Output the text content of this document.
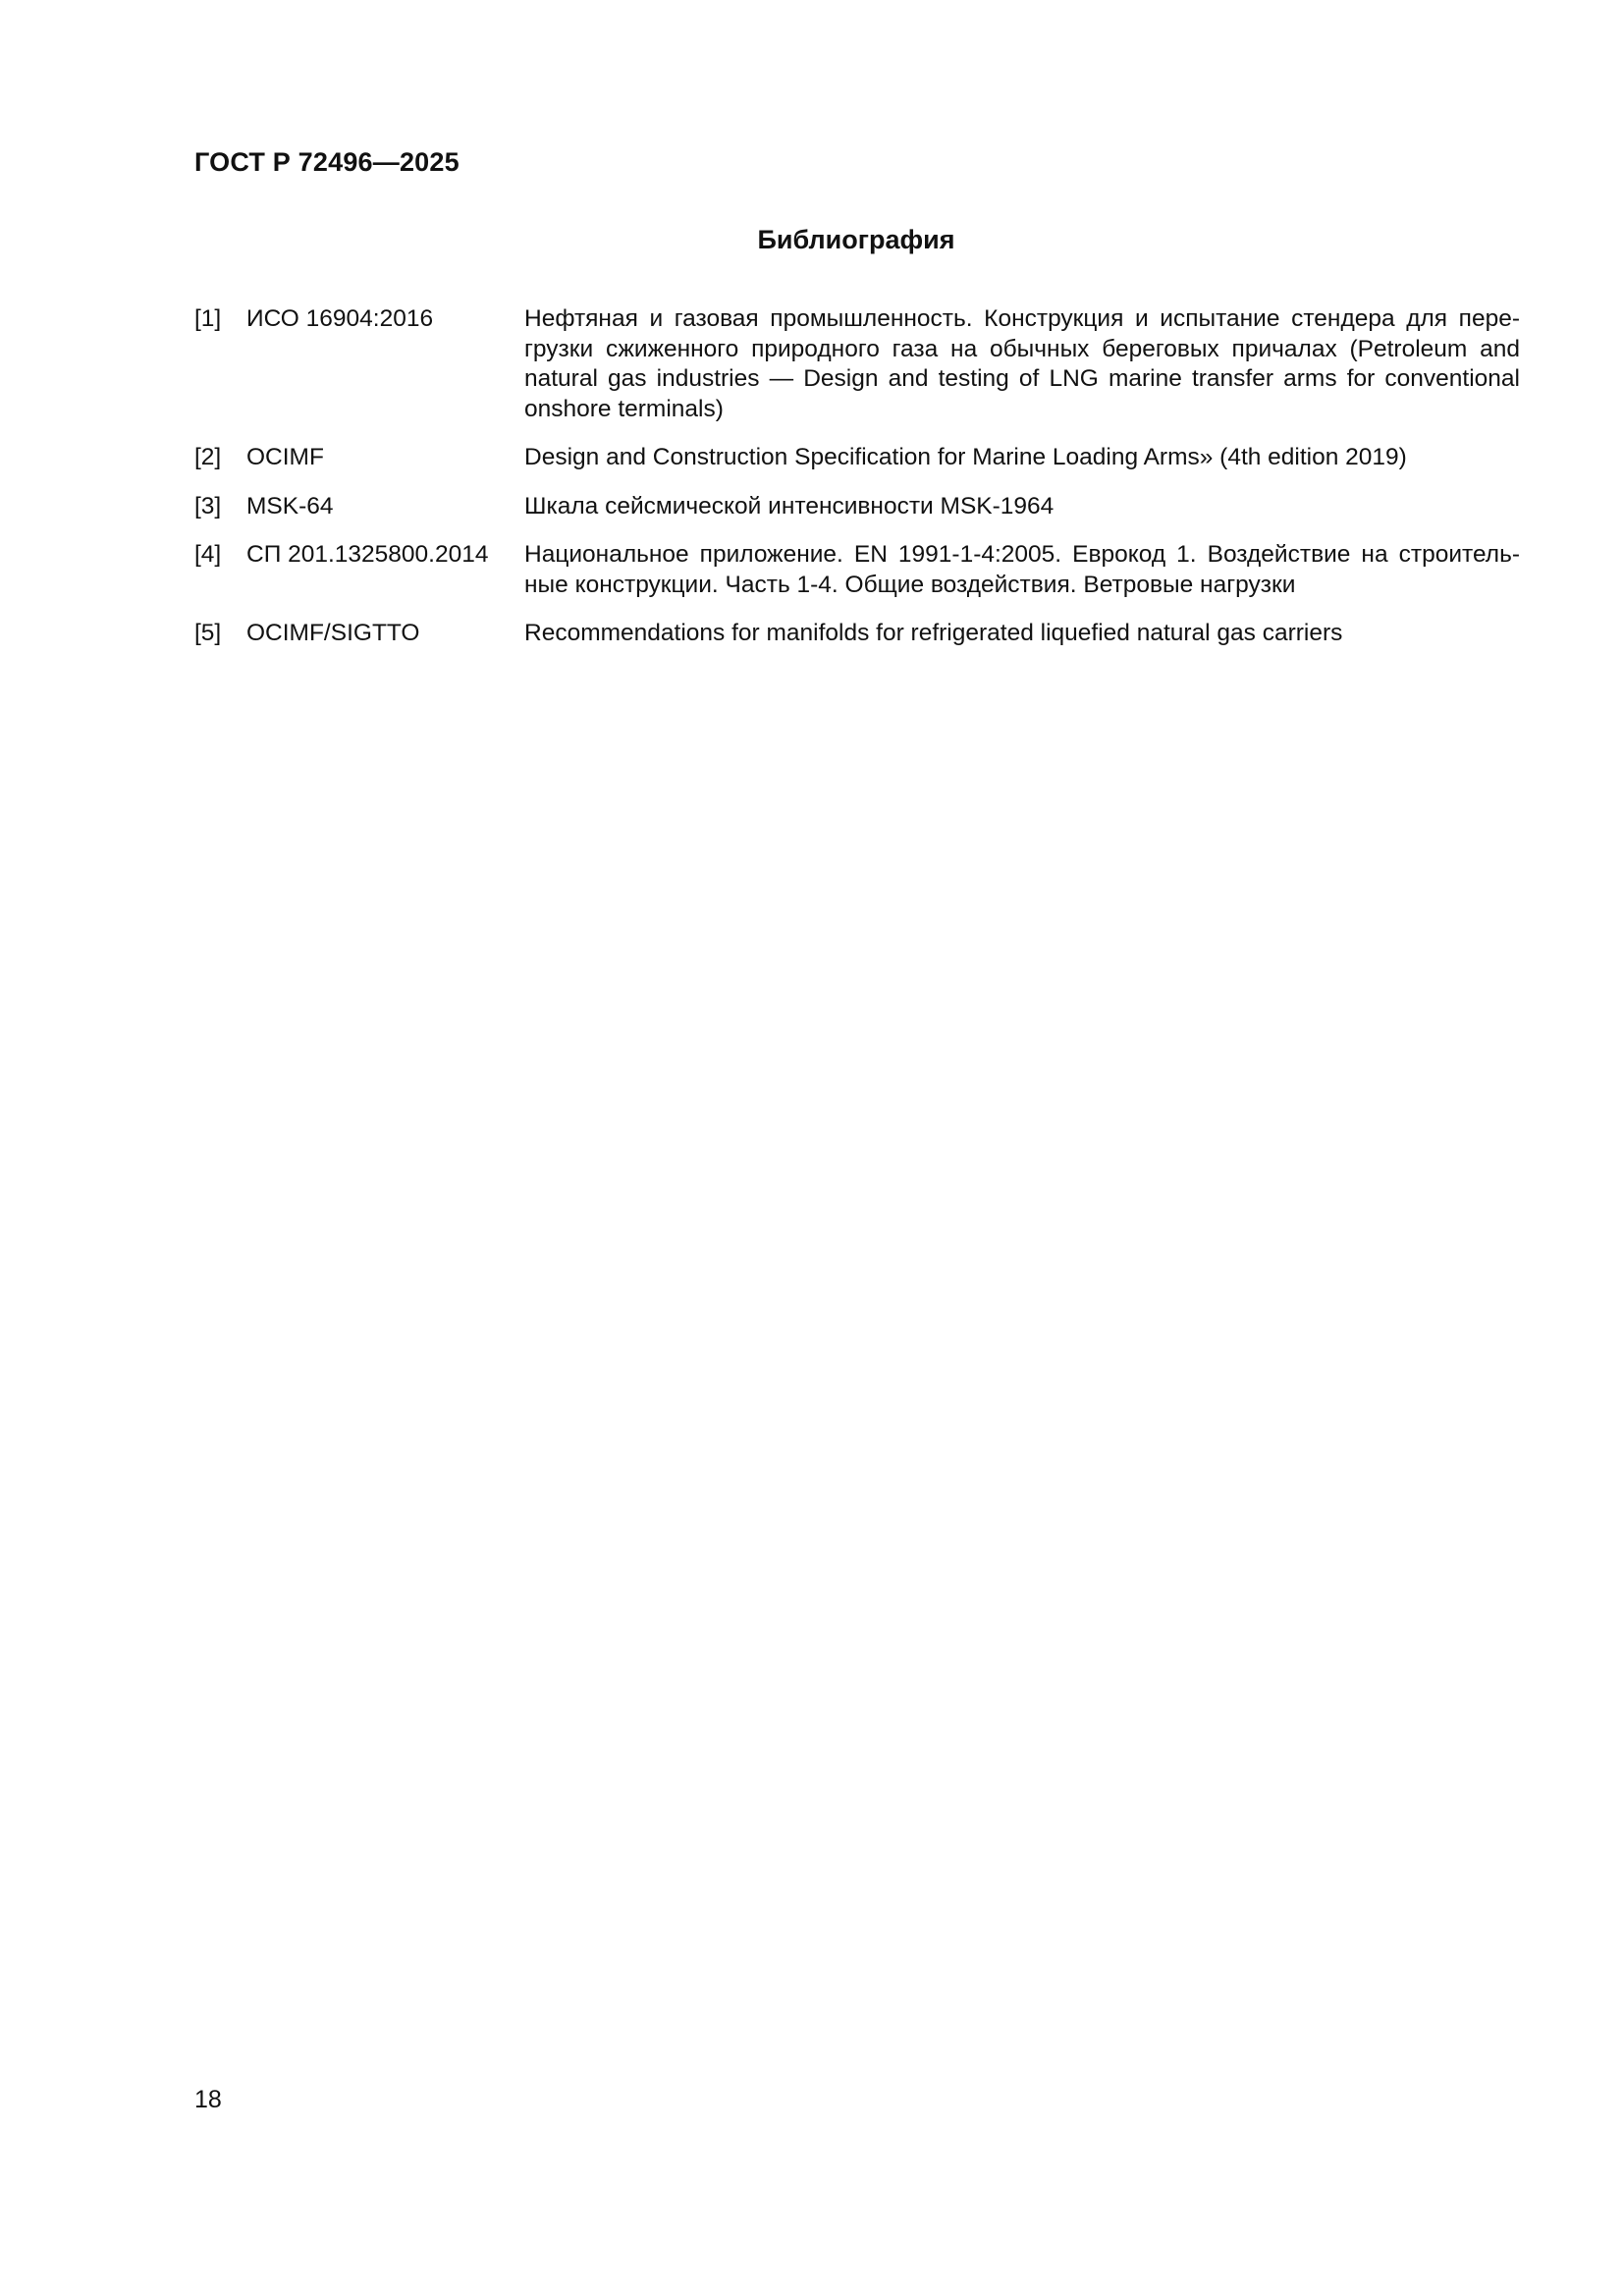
ГОСТ Р 72496—2025
Библиография
[1] ИСО 16904:2016	Нефтяная и газовая промышленность. Конструкция и испытание стендера для перегрузки сжиженного природного газа на обычных береговых причалах (Petroleum and natural gas industries — Design and testing of LNG marine transfer arms for conventional onshore terminals)
[2] OCIMF	Design and Construction Specification for Marine Loading Arms» (4th edition 2019)
[3] MSK-64	Шкала сейсмической интенсивности MSK-1964
[4] СП 201.1325800.2014 Национальное приложение. EN 1991-1-4:2005. Еврокод 1. Воздействие на строительные конструкции. Часть 1-4. Общие воздействия. Ветровые нагрузки
[5] OCIMF/SIGTTO	Recommendations for manifolds for refrigerated liquefied natural gas carriers
18
